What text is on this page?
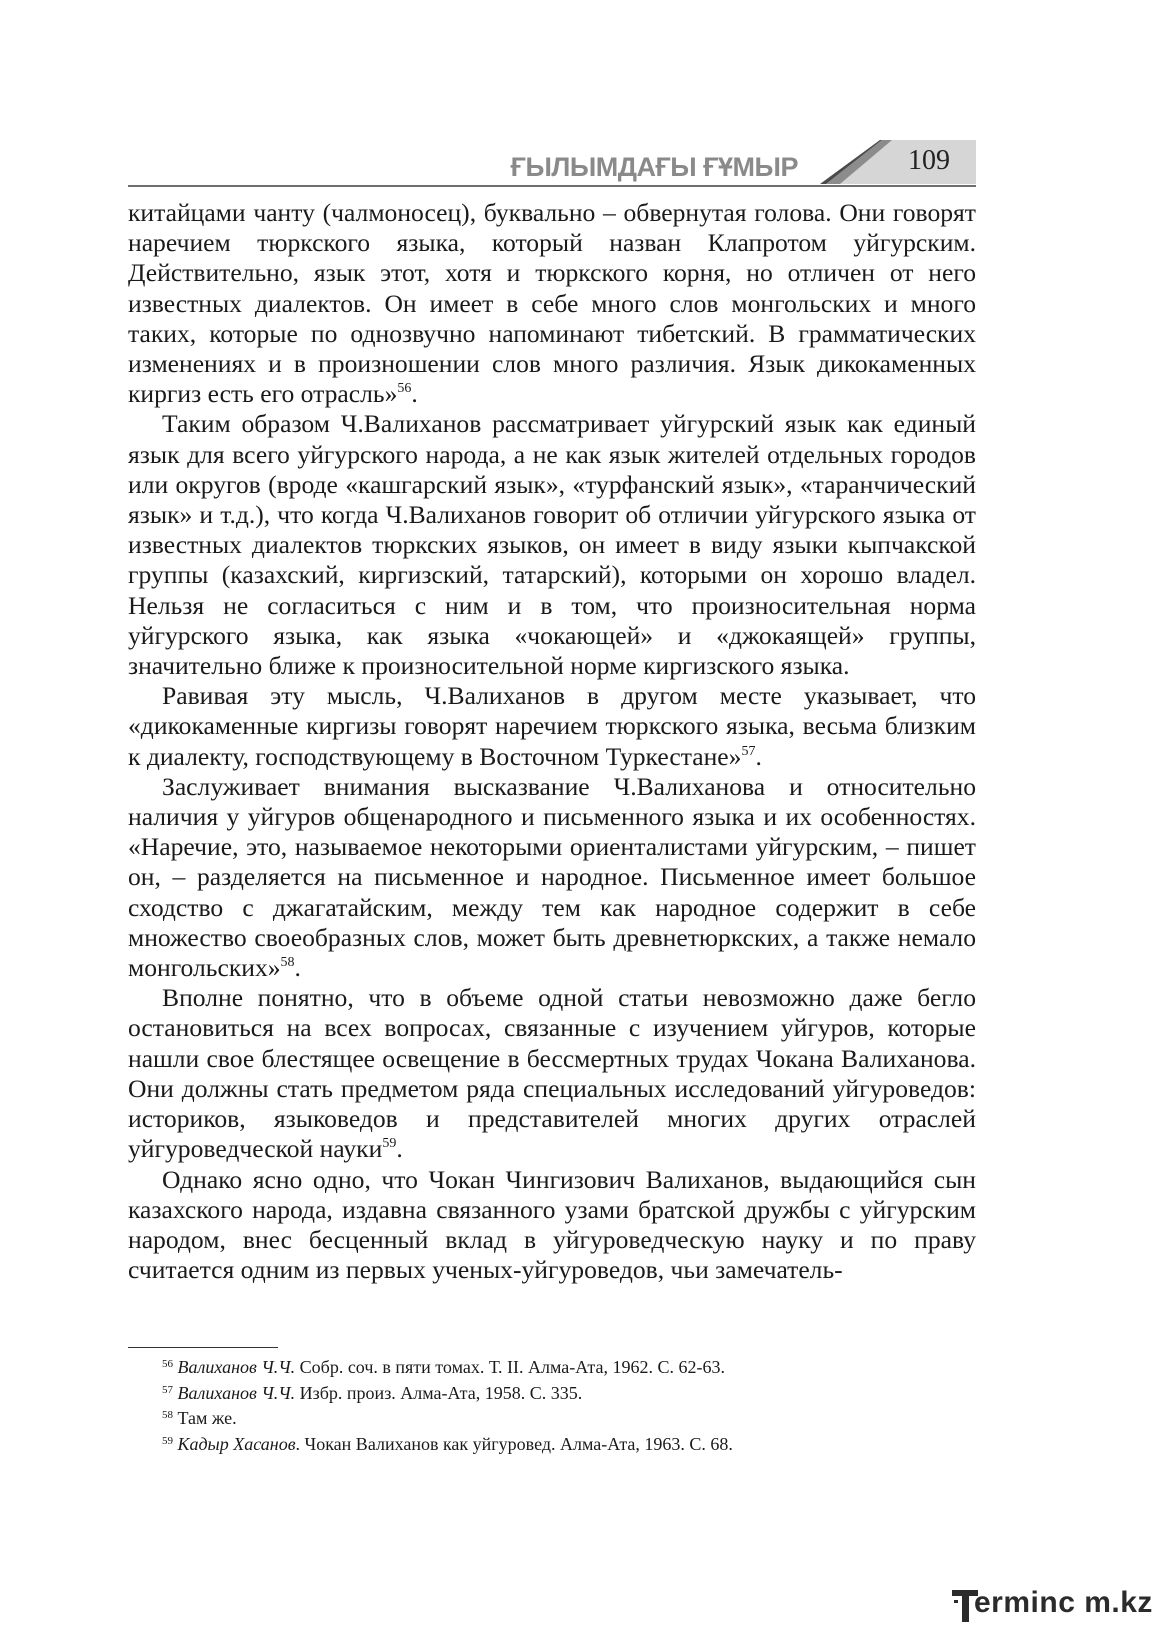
ҒЫЛЫМДАҒЫ ҒҰМЫР	109

китайцами чанту (чалмоносец), буквально – обвернутая голова. Они говорят наречием тюркского языка, который назван Клапротом уйгурским. Действительно, язык этот, хотя и тюркского корня, но отличен от него известных диалектов. Он имеет в себе много слов монгольских и много таких, которые по однозвучно напоминают тибетский. В грамматических изменениях и в произношении слов много различия. Язык дикокаменных киргиз есть его отрасль»$^{56}$.

Таким образом Ч.Валиханов рассматривает уйгурский язык как единый язык для всего уйгурского народа, а не как язык жителей отдельных городов или округов (вроде «кашгарский язык», «турфанский язык», «таранчический язык» и т.д.), что когда Ч.Валиханов говорит об отличии уйгурского языка от известных диалектов тюркских языков, он имеет в виду языки кыпчакской группы (казахский, киргизский, татарский), которыми он хорошо владел. Нельзя не согласиться с ним и в том, что произносительная норма уйгурского языка, как языка «чокающей» и «джокаящей» группы, значительно ближе к произносительной норме киргизского языка.

Равивая эту мысль, Ч.Валиханов в другом месте указывает, что «дикокаменные киргизы говорят наречием тюркского языка, весьма близким к диалекту, господствующему в Восточном Туркестане»$^{57}$.

Заслуживает внимания высказвание Ч.Валиханова и относительно наличия у уйгуров общенародного и письменного языка и их особенностях. «Наречие, это, называемое некоторыми ориенталистами уйгурским, – пишет он, – разделяется на письменное и народное. Письменное имеет большое сходство с джагатайским, между тем как народное содержит в себе множество своеобразных слов, может быть древнетюркских, а также немало монгольских»$^{58}$.

Вполне понятно, что в объеме одной статьи невозможно даже бегло остановиться на всех вопросах, связанные с изучением уйгуров, которые нашли свое блестящее освещение в бессмертных трудах Чокана Валиханова. Они должны стать предметом ряда специальных исследований уйгуроведов: историков, языковедов и представителей многих других отраслей уйгуроведческой науки$^{59}$.

Однако ясно одно, что Чокан Чингизович Валиханов, выдающийся сын казахского народа, издавна связанного узами братской дружбы с уйгурским народом, внес бесценный вклад в уйгуроведческую науку и по праву считается одним из первых ученых-уйгуроведов, чьи замечатель-

$^{56}$ Валиханов Ч.Ч. Собр. соч. в пяти томах. Т. II. Алма-Ата, 1962. С. 62-63.
$^{57}$ Валиханов Ч.Ч. Избр. произ. Алма-Ата, 1958. С. 335.
$^{58}$ Там же.
$^{59}$ Кадыр Хасанов. Чокан Валиханов как уйгуровед. Алма-Ата, 1963. С. 68.
erminc m.kz
